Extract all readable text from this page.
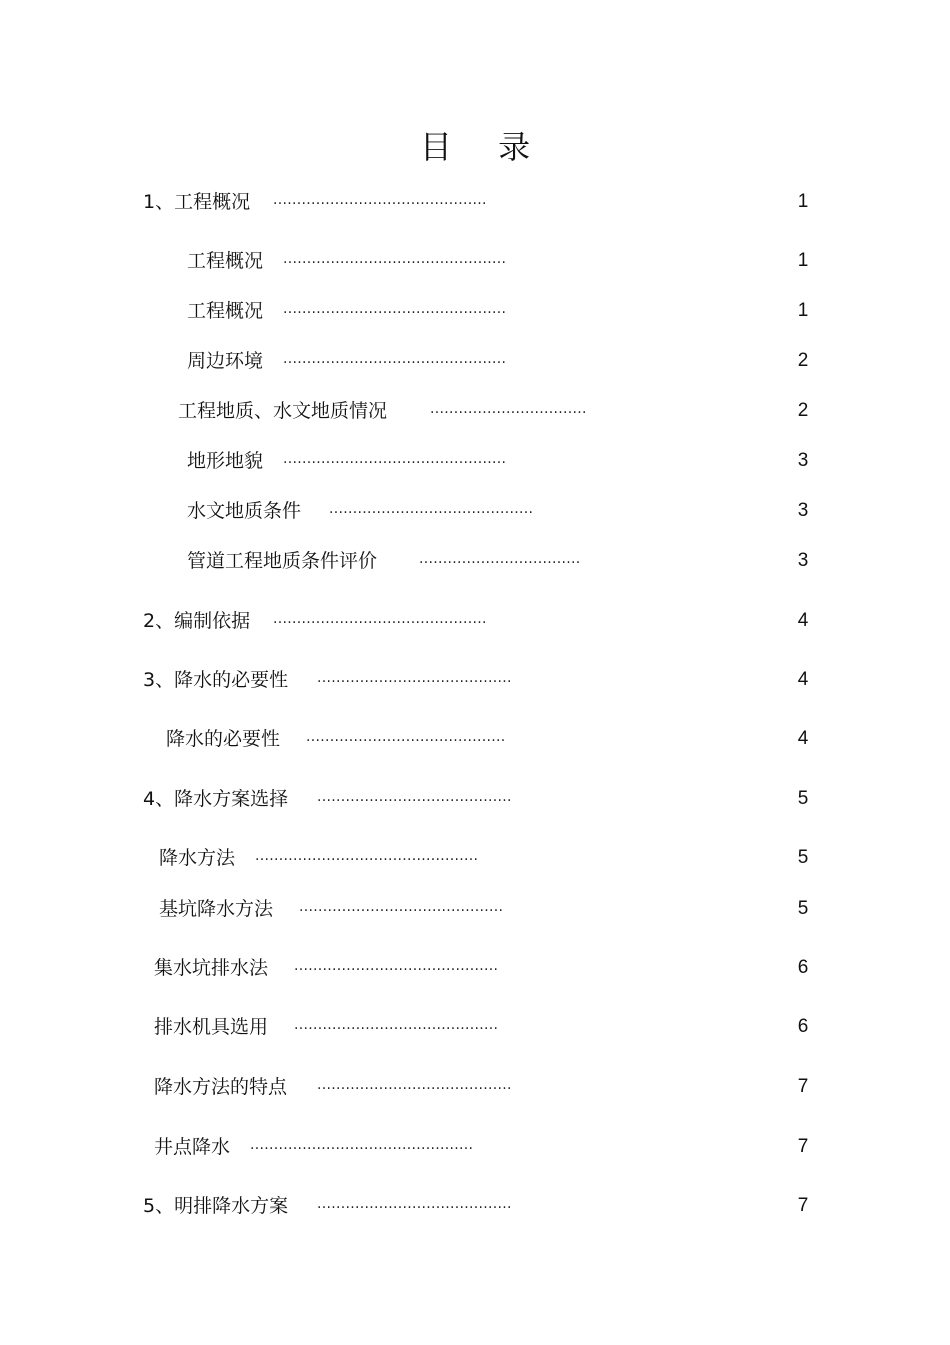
目 录
1、工程概况 .............................................	1
工程概况 ...............................................	1
工程概况 ...............................................	1
周边环境 ...............................................	2
工程地质、水文地质情况	.................................	2
地形地貌 ...............................................	3
水文地质条件 ...........................................	3
管道工程地质条件评价	..................................	3
2、编制依据 .............................................	4
3、降水的必要性 .........................................	4
降水的必要性 ..........................................	4
4、降水方案选择 .........................................	5
降水方法 ...............................................	5
基坑降水方法 ...........................................	5
集水坑排水法 ...........................................	6
排水机具选用 ...........................................	6
降水方法的特点 .........................................	7
井点降水 ...............................................	7
5、明排降水方案 .........................................	7
